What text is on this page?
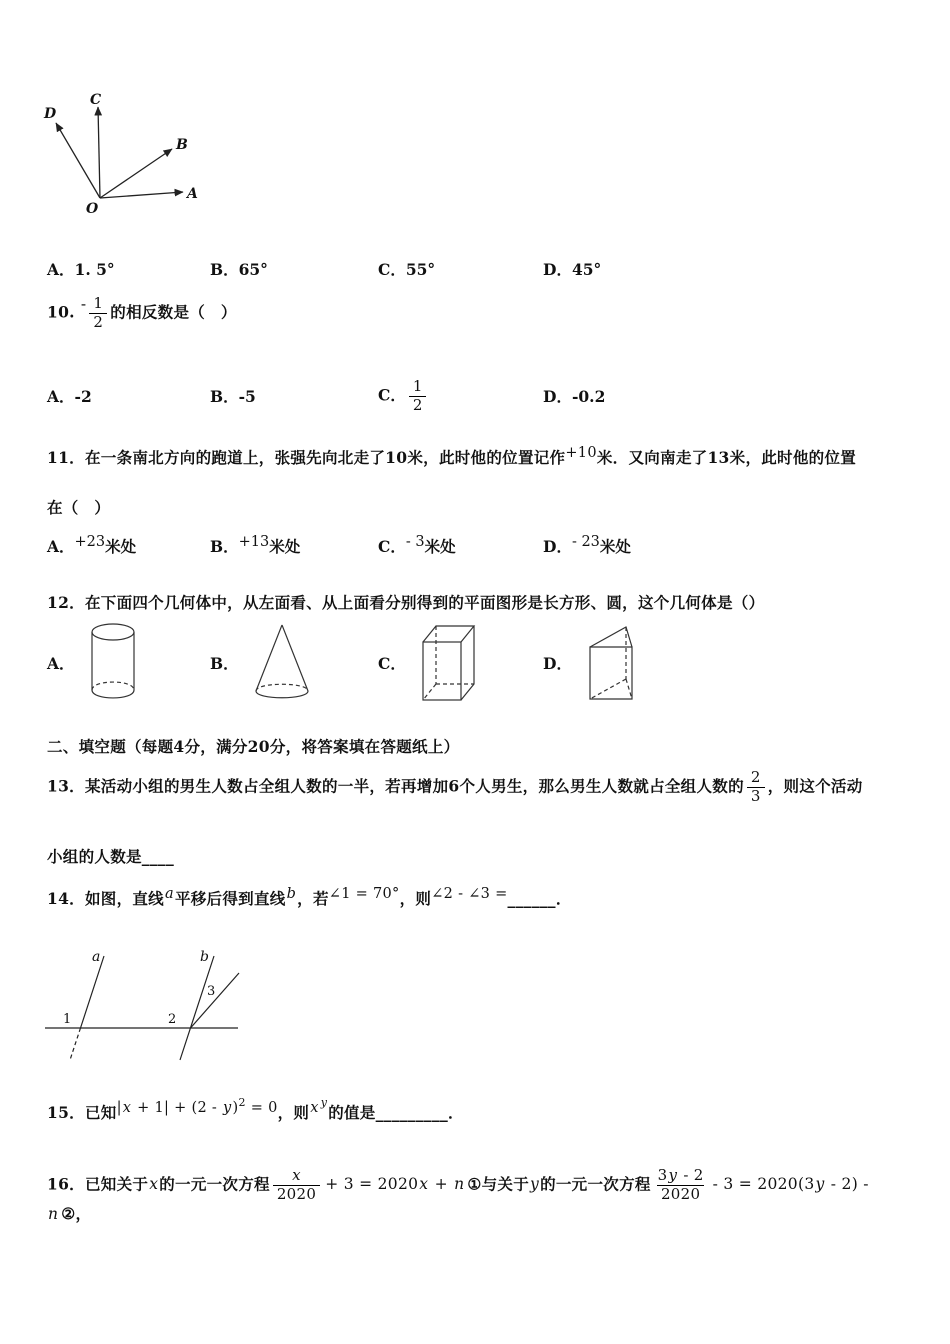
D
C
B
A
O
A．1. 5°	B．65°	C．55°	D．45°
10. - $\frac{1}{2}$ 的相反数是（　）
A．-2	B．-5	C． $\frac{1}{2}$	D．-0.2
11．在一条南北方向的跑道上，张强先向北走了10米，此时他的位置记作+10米．又向南走了13米，此时他的位置
在（　）
A．+23米处	B．+13米处	C．- 3米处	D．- 23米处
12．在下面四个几何体中，从左面看、从上面看分别得到的平面图形是长方形、圆，这个几何体是（）
A．	B．	C．	D．
二、填空题（每题4分，满分20分，将答案填在答题纸上）
13．某活动小组的男生人数占全组人数的一半，若再增加6个人男生，那么男生人数就占全组人数的 $\frac{2}{3}$ ，则这个活动
小组的人数是____
14．如图，直线a平移后得到直线b，若∠1 = 70°，则∠2 - ∠3 =______．
a	b
1	2
3
15．已知|x + 1| + (2 - y)$^2$ = 0，则x $^y$的值是_________．
16．已知关于x的一元一次方程 $\frac{x}{2020} + 3 = 2020x + n$ ①与关于y的一元一次方程 $\frac{3y - 2}{2020} - 3 = 2020(3y - 2) - n$ ②，
